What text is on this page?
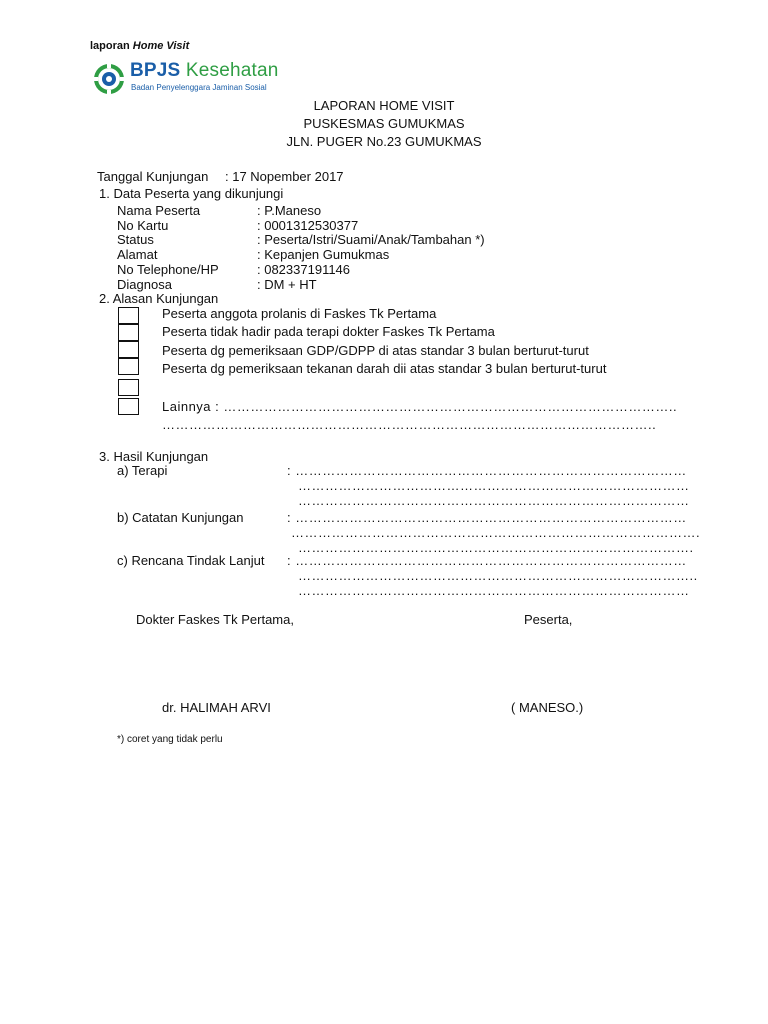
laporan Home Visit
BPJS Kesehatan
Badan Penyelenggara Jaminan Sosial
LAPORAN HOME VISIT
PUSKESMAS GUMUKMAS
JLN. PUGER No.23 GUMUKMAS
Tanggal Kunjungan : 17 Nopember 2017
1. Data Peserta yang dikunjungi
Nama Peserta	: P.Maneso
No Kartu	: 0001312530377
Status	: Peserta/Istri/Suami/Anak/Tambahan *)
Alamat	: Kepanjen Gumukmas
No Telephone/HP	: 082337191146
Diagnosa	: DM + HT
2. Alasan Kunjungan
Peserta anggota prolanis di Faskes Tk Pertama
Peserta tidak hadir pada terapi dokter Faskes Tk Pertama
Peserta dg pemeriksaan GDP/GDPP di atas standar 3 bulan berturut-turut
Peserta dg pemeriksaan tekanan darah dii atas standar 3 bulan berturut-turut
Lainnya : ………………………………………………………………………………………..
………………………………………………………………………………………………..
3. Hasil Kunjungan
a) Terapi	: ……………………………………………………………………………
……………………………………………………………………………
……………………………………………………………………………
b) Catatan Kunjungan	: ……………………………………………………………………………
……………………………………………………………………………….
…………………………………………………………………………….
c) Rencana Tindak Lanjut : ……………………………………………………………………………
……………………………………………………………………………..
……………………………………………………………………………
Dokter Faskes Tk Pertama,	Peserta,
dr. HALIMAH ARVI	( MANESO.)
*) coret yang tidak perlu
